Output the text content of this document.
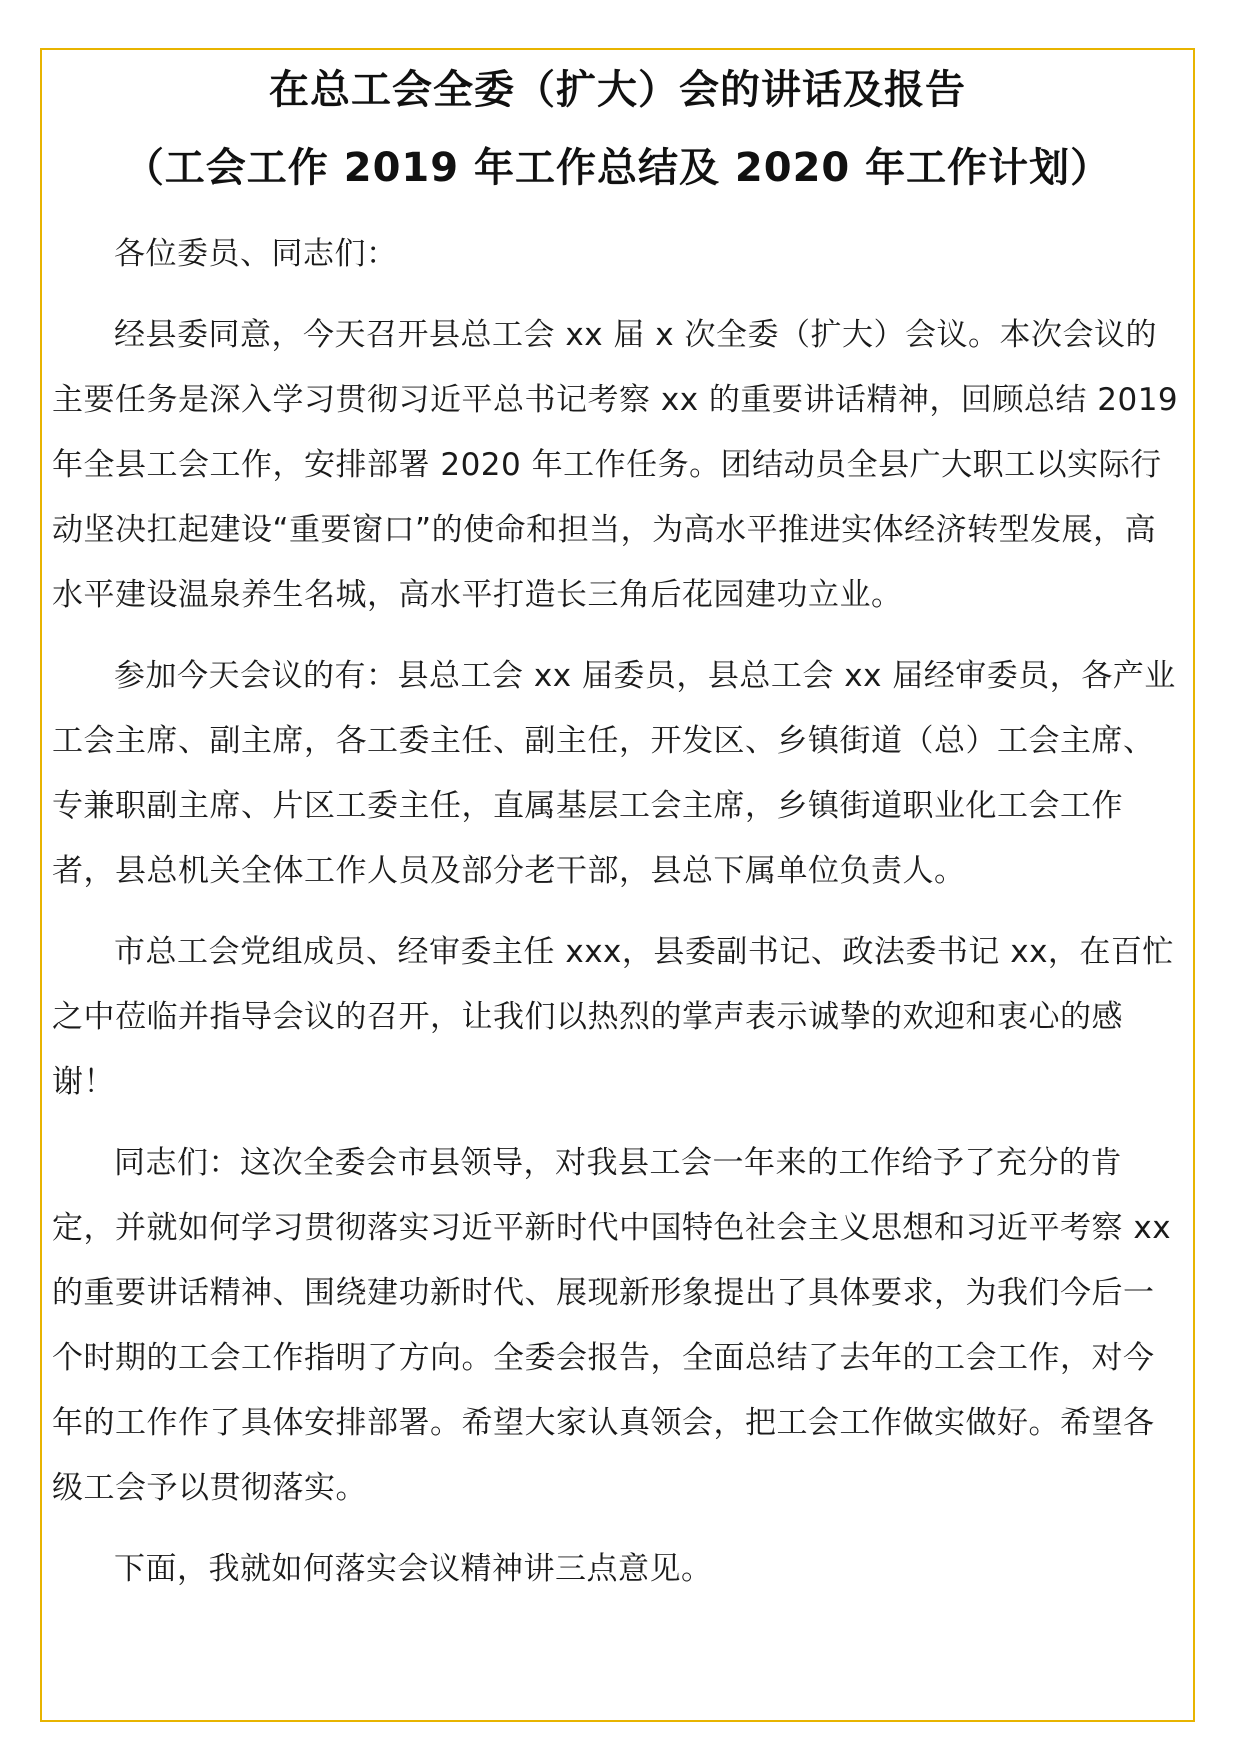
在总工会全委（扩大）会的讲话及报告
（工会工作 2019 年工作总结及 2020 年工作计划）

各位委员、同志们：

经县委同意，今天召开县总工会 xx 届 x 次全委（扩大）会议。本次会议的主要任务是深入学习贯彻习近平总书记考察 xx 的重要讲话精神，回顾总结 2019 年全县工会工作，安排部署 2020 年工作任务。团结动员全县广大职工以实际行动坚决扛起建设“重要窗口”的使命和担当，为高水平推进实体经济转型发展，高水平建设温泉养生名城，高水平打造长三角后花园建功立业。

参加今天会议的有：县总工会 xx 届委员，县总工会 xx 届经审委员，各产业工会主席、副主席，各工委主任、副主任，开发区、乡镇街道（总）工会主席、专兼职副主席、片区工委主任，直属基层工会主席，乡镇街道职业化工会工作者，县总机关全体工作人员及部分老干部，县总下属单位负责人。

市总工会党组成员、经审委主任 xxx，县委副书记、政法委书记 xx，在百忙之中莅临并指导会议的召开，让我们以热烈的掌声表示诚挚的欢迎和衷心的感谢！

同志们：这次全委会市县领导，对我县工会一年来的工作给予了充分的肯定，并就如何学习贯彻落实习近平新时代中国特色社会主义思想和习近平考察 xx 的重要讲话精神、围绕建功新时代、展现新形象提出了具体要求，为我们今后一个时期的工会工作指明了方向。全委会报告，全面总结了去年的工会工作，对今年的工作作了具体安排部署。希望大家认真领会，把工会工作做实做好。希望各级工会予以贯彻落实。

下面，我就如何落实会议精神讲三点意见。
